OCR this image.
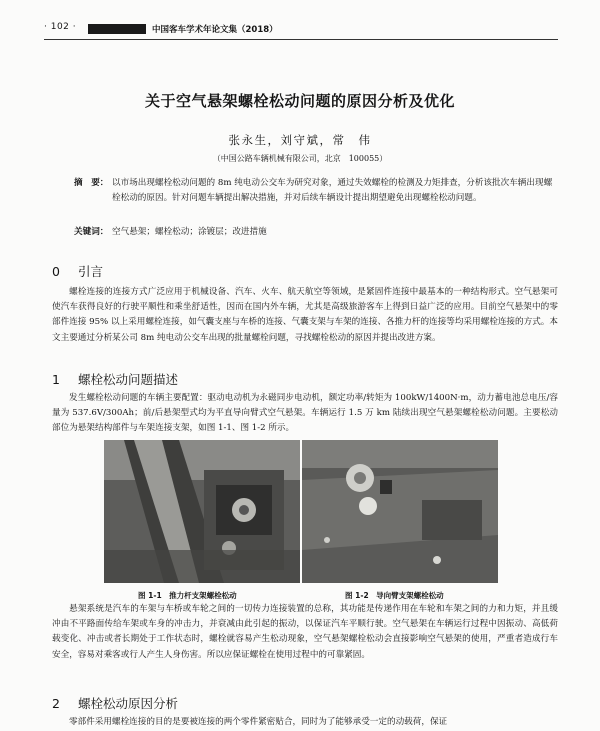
· 102 ·	中国客车学术年论文集（2018）
关于空气悬架螺栓松动问题的原因分析及优化
张永生，刘守斌，常　伟
（中国公路车辆机械有限公司，北京　100055）
摘　要： 以市场出现螺栓松动问题的 8m 纯电动公交车为研究对象，通过失效螺栓的检测及力矩排查，分析该批次车辆出现螺栓松动的原因。针对问题车辆提出解决措施，并对后续车辆设计提出期望避免出现螺栓松动问题。
关键词： 空气悬架；螺栓松动；涂镀层；改进措施
0 引言
螺栓连接的连接方式广泛应用于机械设备、汽车、火车、航天航空等领域，是紧固件连接中最基本的一种结构形式。空气悬架可使汽车获得良好的行驶平顺性和乘坐舒适性，因而在国内外车辆，尤其是高级旅游客车上得到日益广泛的应用。目前空气悬架中的零部件连接 95% 以上采用螺栓连接，如气囊支座与车桥的连接、气囊支架与车架的连接、各推力杆的连接等均采用螺栓连接的方式。本文主要通过分析某公司 8m 纯电动公交车出现的批量螺栓问题，寻找螺栓松动的原因并提出改进方案。
1 螺栓松动问题描述
发生螺栓松动问题的车辆主要配置：驱动电动机为永磁同步电动机，额定功率/转矩为 100kW/1400N·m，动力蓄电池总电压/容量为 537.6V/300Ah；前/后悬架型式均为平直导向臂式空气悬架。车辆运行 1.5 万 km 陆续出现空气悬架螺栓松动问题。主要松动部位为悬架结构部件与车架连接支架，如图 1-1、图 1-2 所示。
图 1-1　推力杆支架螺栓松动	图 1-2　导向臂支架螺栓松动
悬架系统是汽车的车架与车桥或车轮之间的一切传力连接装置的总称，其功能是传递作用在车轮和车架之间的力和力矩，并且缓冲由不平路面传给车架或车身的冲击力，并衰减由此引起的振动，以保证汽车平顺行驶。空气悬架在车辆运行过程中因振动、高低荷载变化、冲击或者长期处于工作状态时，螺栓就容易产生松动现象，空气悬架螺栓松动会直接影响空气悬架的使用，严重者造成行车安全，容易对乘客或行人产生人身伤害。所以应保证螺栓在使用过程中的可靠紧固。
2 螺栓松动原因分析
零部件采用螺栓连接的目的是要被连接的两个零件紧密贴合，同时为了能够承受一定的动载荷，保证
